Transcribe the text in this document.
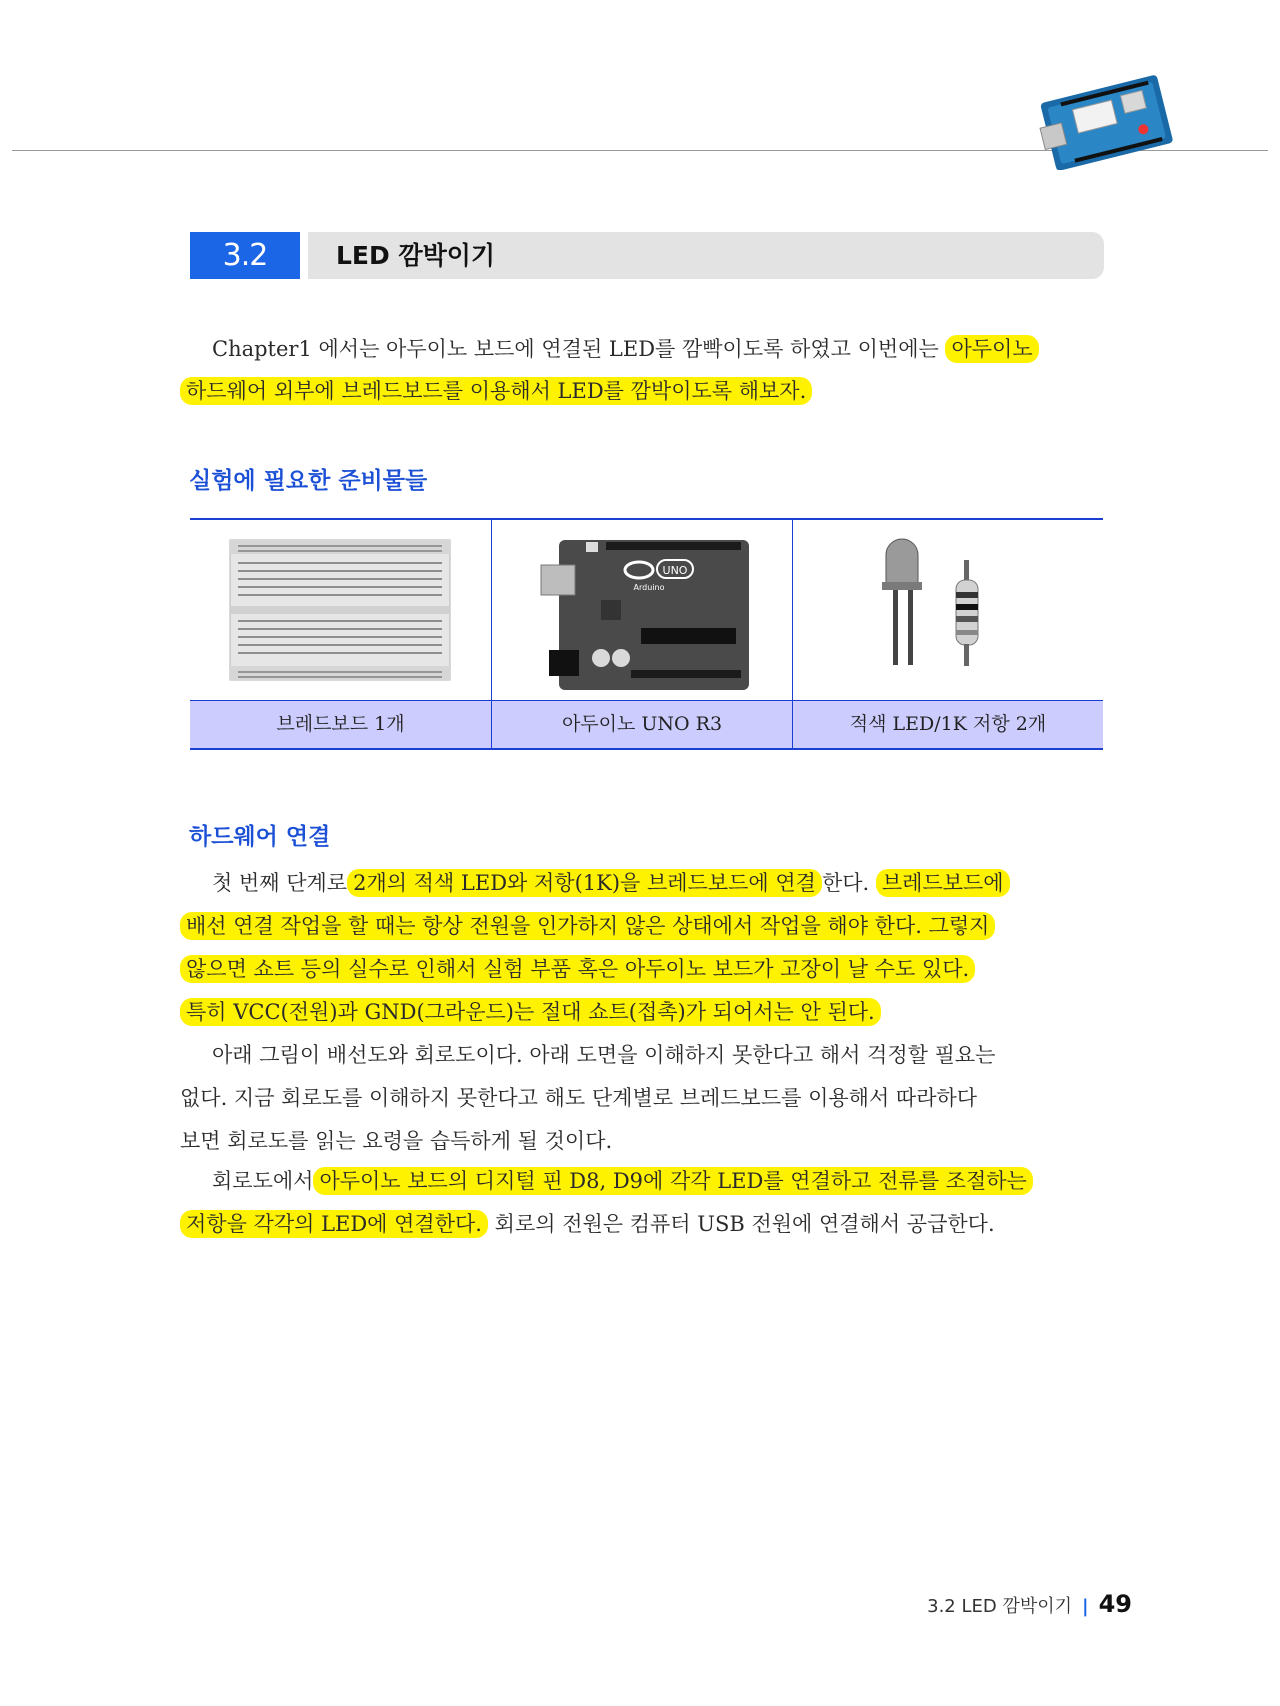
3.2	LED 깜박이기
Chapter1 에서는 아두이노 보드에 연결된 LED를 깜빡이도록 하였고 이번에는 아두이노
하드웨어 외부에 브레드보드를 이용해서 LED를 깜박이도록 해보자.
실험에 필요한 준비물들
UNO
Arduino
브레드보드 1개	아두이노 UNO R3	적색 LED/1K 저항 2개
하드웨어 연결
첫 번째 단계로 2개의 적색 LED와 저항(1K)을 브레드보드에 연결 한다. 브레드보드에
배선 연결 작업을 할 때는 항상 전원을 인가하지 않은 상태에서 작업을 해야 한다. 그렇지
않으면 쇼트 등의 실수로 인해서 실험 부품 혹은 아두이노 보드가 고장이 날 수도 있다.
특히 VCC(전원)과 GND(그라운드)는 절대 쇼트(접촉)가 되어서는 안 된다.
아래 그림이 배선도와 회로도이다. 아래 도면을 이해하지 못한다고 해서 걱정할 필요는
없다. 지금 회로도를 이해하지 못한다고 해도 단계별로 브레드보드를 이용해서 따라하다
보면 회로도를 읽는 요령을 습득하게 될 것이다.
회로도에서 아두이노 보드의 디지털 핀 D8, D9에 각각 LED를 연결하고 전류를 조절하는
저항을 각각의 LED에 연결한다. 회로의 전원은 컴퓨터 USB 전원에 연결해서 공급한다.
3.2 LED 깜박이기 | 49
